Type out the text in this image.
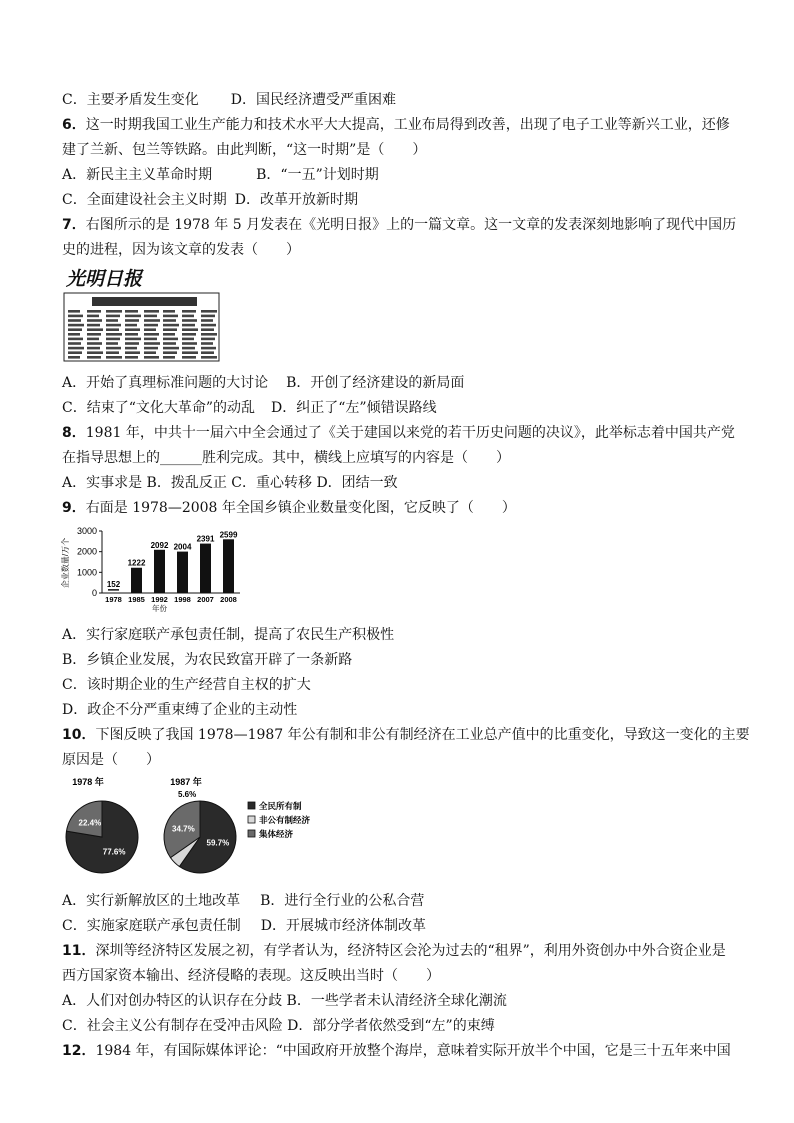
C．主要矛盾发生变化 D．国民经济遭受严重困难
6．这一时期我国工业生产能力和技术水平大大提高，工业布局得到改善，出现了电子工业等新兴工业，还修
建了兰新、包兰等铁路。由此判断，“这一时期”是（　　）
A．新民主主义革命时期	B．“一五”计划时期
C．全面建设社会主义时期 D．改革开放新时期
7．右图所示的是 1978 年 5 月发表在《光明日报》上的一篇文章。这一文章的发表深刻地影响了现代中国历
史的进程，因为该文章的发表（　　）
光明日报
A．开始了真理标准问题的大讨论 B．开创了经济建设的新局面
C．结束了“文化大革命”的动乱 D．纠正了“左”倾错误路线
8．1981 年，中共十一届六中全会通过了《关于建国以来党的若干历史问题的决议》，此举标志着中国共产党
在指导思想上的______胜利完成。其中，横线上应填写的内容是（　　）
A．实事求是 B．拨乱反正 C．重心转移 D．团结一致
9．右面是 1978—2008 年全国乡镇企业数量变化图，它反映了（　　）
企业数量/万个
0
1000
2000
3000
152
1978
1222
1985
2092
1992
2004
1998
2391
2007
2599
2008
年份
A．实行家庭联产承包责任制，提高了农民生产积极性
B．乡镇企业发展，为农民致富开辟了一条新路
C．该时期企业的生产经营自主权的扩大
D．政企不分严重束缚了企业的主动性
10．下图反映了我国 1978—1987 年公有制和非公有制经济在工业总产值中的比重变化，导致这一变化的主要
原因是（　　）
1978 年
77.6%
22.4%
1987 年
59.7%
5.6%
34.7%
全民所有制
非公有制经济
集体经济
A．实行新解放区的土地改革 B．进行全行业的公私合营
C．实施家庭联产承包责任制 D．开展城市经济体制改革
11．深圳等经济特区发展之初，有学者认为，经济特区会沦为过去的“租界”，利用外资创办中外合资企业是
西方国家资本输出、经济侵略的表现。这反映出当时（　　）
A．人们对创办特区的认识存在分歧 B．一些学者未认清经济全球化潮流
C．社会主义公有制存在受冲击风险 D．部分学者依然受到“左”的束缚
12．1984 年，有国际媒体评论：“中国政府开放整个海岸，意味着实际开放半个中国，它是三十五年来中国
